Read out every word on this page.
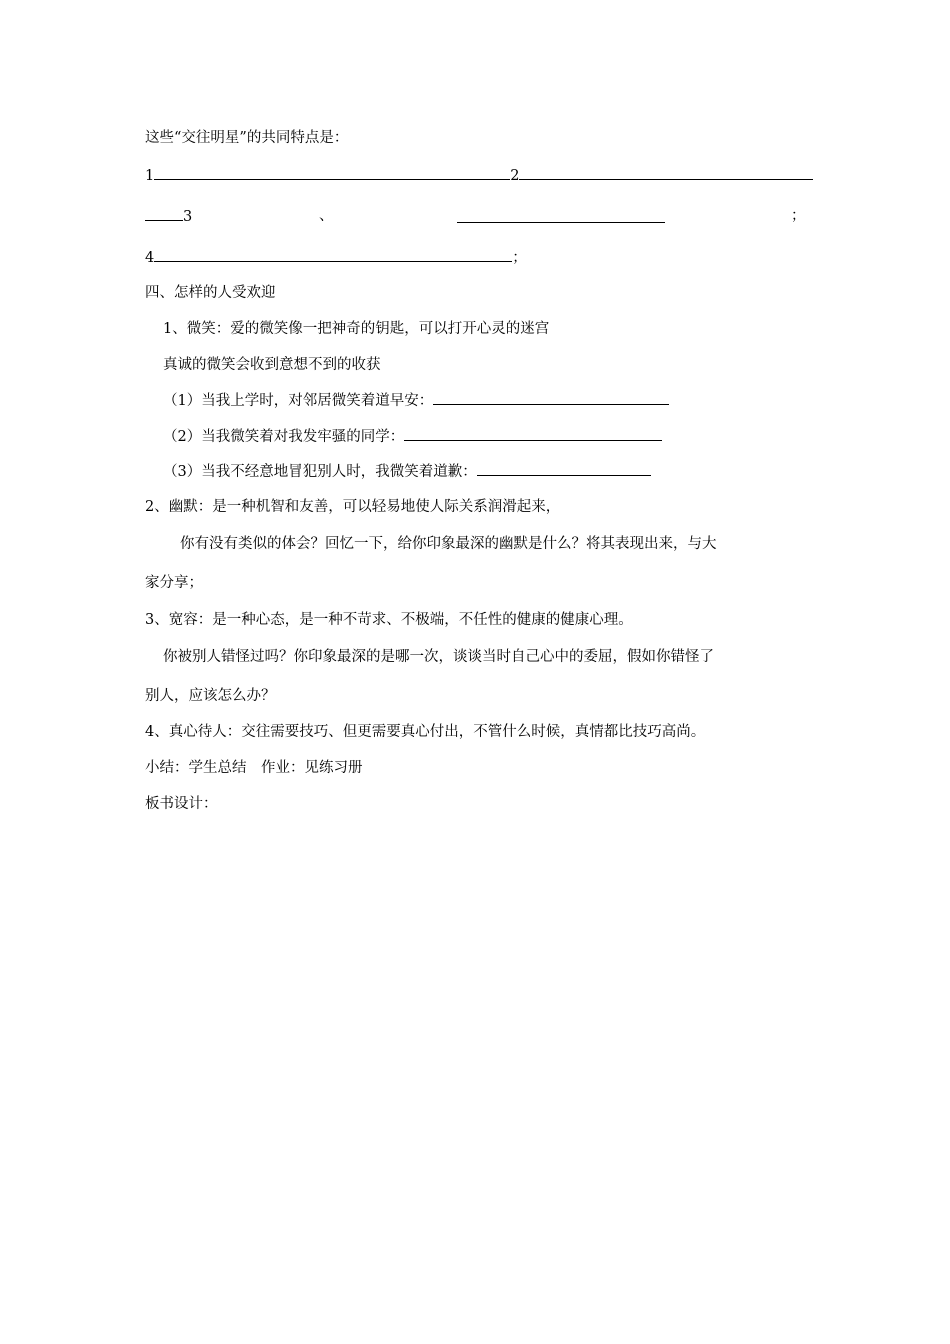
这些“交往明星”的共同特点是：
1	2
3	、	；
4	；
四、怎样的人受欢迎
1、微笑：爱的微笑像一把神奇的钥匙，可以打开心灵的迷宫
真诚的微笑会收到意想不到的收获
（1）当我上学时，对邻居微笑着道早安：
（2）当我微笑着对我发牢骚的同学：
（3）当我不经意地冒犯别人时，我微笑着道歉：
2、幽默：是一种机智和友善，可以轻易地使人际关系润滑起来，
你有没有类似的体会？回忆一下，给你印象最深的幽默是什么？将其表现出来，与大
家分享；
3、宽容：是一种心态，是一种不苛求、不极端，不任性的健康的健康心理。
你被别人错怪过吗？你印象最深的是哪一次，谈谈当时自己心中的委屈，假如你错怪了
别人，应该怎么办？
4、真心待人：交往需要技巧、但更需要真心付出，不管什么时候，真情都比技巧高尚。
小结：学生总结　作业：见练习册
板书设计：
